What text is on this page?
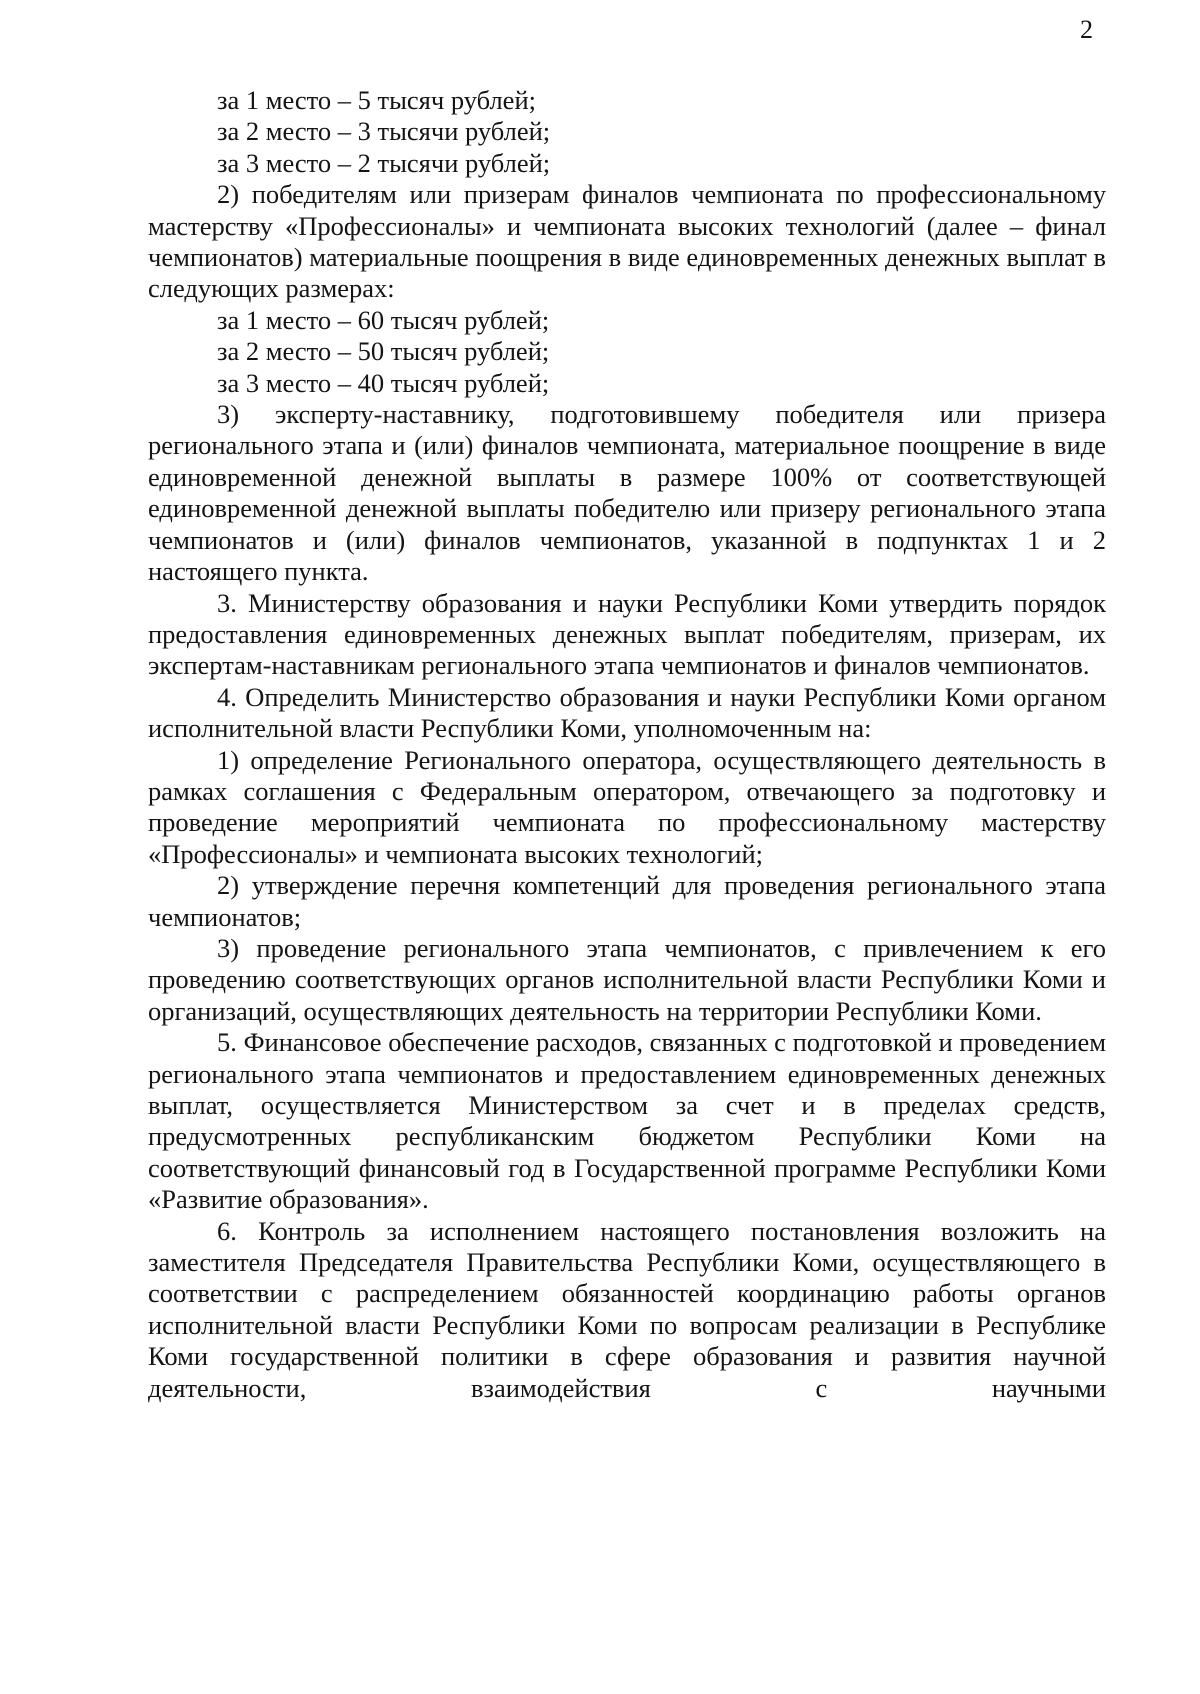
2

за 1 место – 5 тысяч рублей;

за 2 место – 3 тысячи рублей;

за 3 место – 2 тысячи рублей;

2) победителям или призерам финалов чемпионата по профессиональному мастерству «Профессионалы» и чемпионата высоких технологий (далее – финал чемпионатов) материальные поощрения в виде единовременных денежных выплат в следующих размерах:

за 1 место – 60 тысяч рублей;

за 2 место – 50 тысяч рублей;

за 3 место – 40 тысяч рублей;

3) эксперту-наставнику, подготовившему победителя или призера регионального этапа и (или) финалов чемпионата, материальное поощрение в виде единовременной денежной выплаты в размере 100% от соответствующей единовременной денежной выплаты победителю или призеру регионального этапа чемпионатов и (или) финалов чемпионатов, указанной в подпунктах 1 и 2 настоящего пункта.

3. Министерству образования и науки Республики Коми утвердить порядок предоставления единовременных денежных выплат победителям, призерам, их экспертам-наставникам регионального этапа чемпионатов и финалов чемпионатов.

4. Определить Министерство образования и науки Республики Коми органом исполнительной власти Республики Коми, уполномоченным на:

1) определение Регионального оператора, осуществляющего деятельность в рамках соглашения с Федеральным оператором, отвечающего за подготовку и проведение мероприятий чемпионата по профессиональному мастерству «Профессионалы» и чемпионата высоких технологий;

2) утверждение перечня компетенций для проведения регионального этапа чемпионатов;

3) проведение регионального этапа чемпионатов, с привлечением к его проведению соответствующих органов исполнительной власти Республики Коми и организаций, осуществляющих деятельность на территории Республики Коми.

5. Финансовое обеспечение расходов, связанных с подготовкой и проведением регионального этапа чемпионатов и предоставлением единовременных денежных выплат, осуществляется Министерством за счет и в пределах средств, предусмотренных республиканским бюджетом Республики Коми на соответствующий финансовый год в Государственной программе Республики Коми «Развитие образования».

6. Контроль за исполнением настоящего постановления возложить на заместителя Председателя Правительства Республики Коми, осуществляющего в соответствии с распределением обязанностей координацию работы органов исполнительной власти Республики Коми по вопросам реализации в Республике Коми государственной политики в сфере образования и развития научной деятельности, взаимодействия с научными
